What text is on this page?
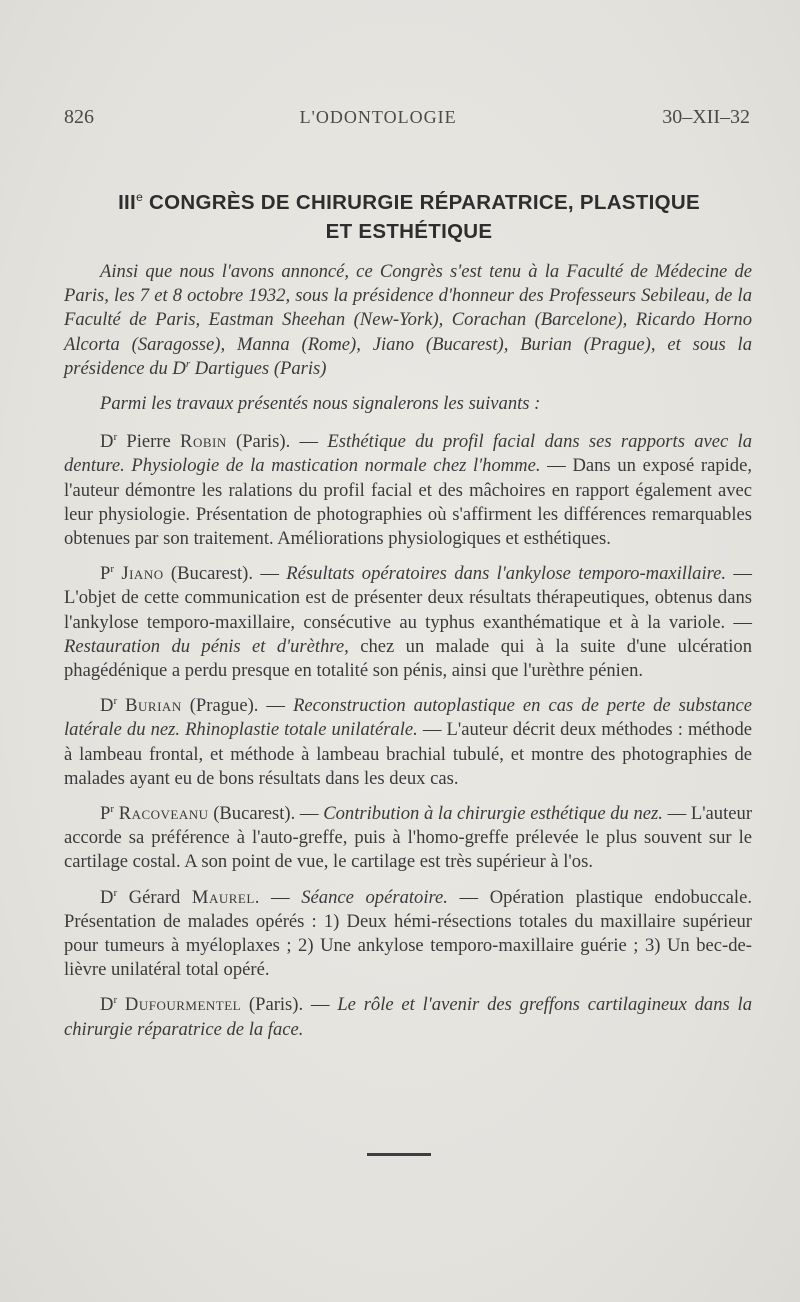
826	L'ODONTOLOGIE	30–XII–32
IIIe CONGRÈS DE CHIRURGIE RÉPARATRICE, PLASTIQUE
ET ESTHÉTIQUE

Ainsi que nous l'avons annoncé, ce Congrès s'est tenu à la Faculté de Médecine de Paris, les 7 et 8 octobre 1932, sous la présidence d'honneur des Professeurs Sebileau, de la Faculté de Paris, Eastman Sheehan (New-York), Corachan (Barcelone), Ricardo Horno Alcorta (Saragosse), Manna (Rome), Jiano (Bucarest), Burian (Prague), et sous la présidence du $D^r$ Dartigues (Paris)

Parmi les travaux présentés nous signalerons les suivants :

$D^r$ Pierre Robin (Paris). — Esthétique du profil facial dans ses rapports avec la denture. Physiologie de la mastication normale chez l'homme. — Dans un exposé rapide, l'auteur démontre les ralations du profil facial et des mâchoires en rapport également avec leur physiologie. Présentation de photographies où s'affirment les différences remarquables obtenues par son traitement. Améliorations physiologiques et esthétiques.

$P^r$ Jiano (Bucarest). — Résultats opératoires dans l'ankylose temporo-maxillaire. — L'objet de cette communication est de présenter deux résultats thérapeutiques, obtenus dans l'ankylose temporo-maxillaire, consécutive au typhus exanthématique et à la variole. — Restauration du pénis et d'urèthre, chez un malade qui à la suite d'une ulcération phagédénique a perdu presque en totalité son pénis, ainsi que l'urèthre pénien.

$D^r$ Burian (Prague). — Reconstruction autoplastique en cas de perte de substance latérale du nez. Rhinoplastie totale unilatérale. — L'auteur décrit deux méthodes : méthode à lambeau frontal, et méthode à lambeau brachial tubulé, et montre des photographies de malades ayant eu de bons résultats dans les deux cas.

$P^r$ Racoveanu (Bucarest). — Contribution à la chirurgie esthétique du nez. — L'auteur accorde sa préférence à l'auto-greffe, puis à l'homo-greffe prélevée le plus souvent sur le cartilage costal. A son point de vue, le cartilage est très supérieur à l'os.

$D^r$ Gérard Maurel. — Séance opératoire. — Opération plastique endobuccale. Présentation de malades opérés : 1) Deux hémi-résections totales du maxillaire supérieur pour tumeurs à myéloplaxes ; 2) Une ankylose temporo-maxillaire guérie ; 3) Un bec-de-lièvre unilatéral total opéré.

$D^r$ Dufourmentel (Paris). — Le rôle et l'avenir des greffons cartilagineux dans la chirurgie réparatrice de la face.
